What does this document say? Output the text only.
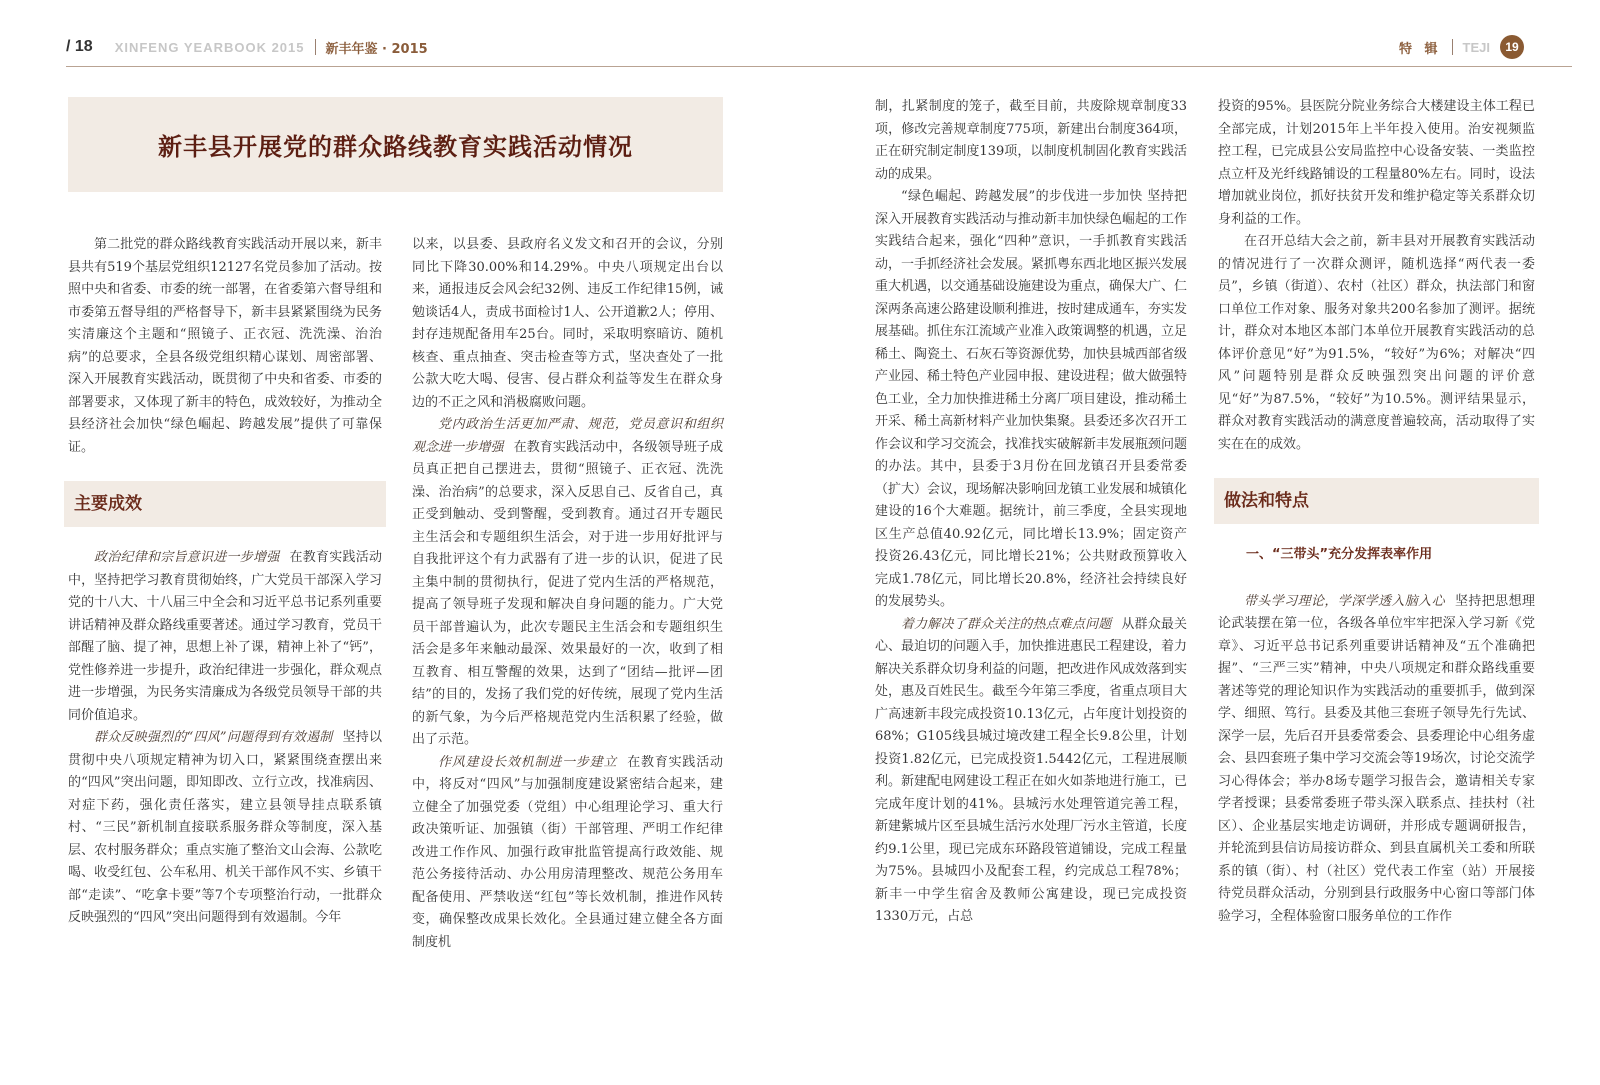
/ 18 XINFENG YEARBOOK 2015 新丰年鉴 · 2015	特 辑 TEJI	19
新丰县开展党的群众路线教育实践活动情况

第二批党的群众路线教育实践活动开展以来，新丰县共有519个基层党组织12127名党员参加了活动。按照中央和省委、市委的统一部署，在省委第六督导组和市委第五督导组的严格督导下，新丰县紧紧围绕为民务实清廉这个主题和“照镜子、正衣冠、洗洗澡、治治病”的总要求，全县各级党组织精心谋划、周密部署、深入开展教育实践活动，既贯彻了中央和省委、市委的部署要求，又体现了新丰的特色，成效较好，为推动全县经济社会加快“绿色崛起、跨越发展”提供了可靠保证。

主要成效

政治纪律和宗旨意识进一步增强 在教育实践活动中，坚持把学习教育贯彻始终，广大党员干部深入学习党的十八大、十八届三中全会和习近平总书记系列重要讲话精神及群众路线重要著述。通过学习教育，党员干部醒了脑、提了神，思想上补了课，精神上补了“钙”，党性修养进一步提升，政治纪律进一步强化，群众观点进一步增强，为民务实清廉成为各级党员领导干部的共同价值追求。

群众反映强烈的“四风”问题得到有效遏制 坚持以贯彻中央八项规定精神为切入口，紧紧围绕查摆出来的“四风”突出问题，即知即改、立行立改，找准病因、对症下药，强化责任落实，建立县领导挂点联系镇村、“三民”新机制直接联系服务群众等制度，深入基层、农村服务群众；重点实施了整治文山会海、公款吃喝、收受红包、公车私用、机关干部作风不实、乡镇干部“走读”、“吃拿卡要”等7个专项整治行动，一批群众反映强烈的“四风”突出问题得到有效遏制。今年

以来，以县委、县政府名义发文和召开的会议，分别同比下降30.00%和14.29%。中央八项规定出台以来，通报违反会风会纪32例、违反工作纪律15例，诫勉谈话4人，责成书面检讨1人、公开道歉2人；停用、封存违规配备用车25台。同时，采取明察暗访、随机核查、重点抽查、突击检查等方式，坚决查处了一批公款大吃大喝、侵害、侵占群众利益等发生在群众身边的不正之风和消极腐败问题。

党内政治生活更加严肃、规范，党员意识和组织观念进一步增强 在教育实践活动中，各级领导班子成员真正把自己摆进去，贯彻“照镜子、正衣冠、洗洗澡、治治病”的总要求，深入反思自己、反省自己，真正受到触动、受到警醒，受到教育。通过召开专题民主生活会和专题组织生活会，对于进一步用好批评与自我批评这个有力武器有了进一步的认识，促进了民主集中制的贯彻执行，促进了党内生活的严格规范，提高了领导班子发现和解决自身问题的能力。广大党员干部普遍认为，此次专题民主生活会和专题组织生活会是多年来触动最深、效果最好的一次，收到了相互教育、相互警醒的效果，达到了“团结—批评—团结”的目的，发扬了我们党的好传统，展现了党内生活的新气象，为今后严格规范党内生活积累了经验，做出了示范。

作风建设长效机制进一步建立 在教育实践活动中，将反对“四风”与加强制度建设紧密结合起来，建立健全了加强党委（党组）中心组理论学习、重大行政决策听证、加强镇（街）干部管理、严明工作纪律改进工作作风、加强行政审批监管提高行政效能、规范公务接待活动、办公用房清理整改、规范公务用车配备使用、严禁收送“红包”等长效机制，推进作风转变，确保整改成果长效化。全县通过建立健全各方面制度机

制，扎紧制度的笼子，截至目前，共废除规章制度33项，修改完善规章制度775项，新建出台制度364项，正在研究制定制度139项，以制度机制固化教育实践活动的成果。

“绿色崛起、跨越发展”的步伐进一步加快 坚持把深入开展教育实践活动与推动新丰加快绿色崛起的工作实践结合起来，强化“四种”意识，一手抓教育实践活动，一手抓经济社会发展。紧抓粤东西北地区振兴发展重大机遇，以交通基础设施建设为重点，确保大广、仁深两条高速公路建设顺利推进，按时建成通车，夯实发展基础。抓住东江流域产业准入政策调整的机遇，立足稀土、陶瓷土、石灰石等资源优势，加快县城西部省级产业园、稀土特色产业园申报、建设进程；做大做强特色工业，全力加快推进稀土分离厂项目建设，推动稀土开采、稀土高新材料产业加快集聚。县委还多次召开工作会议和学习交流会，找准找实破解新丰发展瓶颈问题的办法。其中，县委于3月份在回龙镇召开县委常委（扩大）会议，现场解决影响回龙镇工业发展和城镇化建设的16个大难题。据统计，前三季度，全县实现地区生产总值40.92亿元，同比增长13.9%；固定资产投资26.43亿元，同比增长21%；公共财政预算收入完成1.78亿元，同比增长20.8%，经济社会持续良好的发展势头。

着力解决了群众关注的热点难点问题 从群众最关心、最迫切的问题入手，加快推进惠民工程建设，着力解决关系群众切身利益的问题，把改进作风成效落到实处，惠及百姓民生。截至今年第三季度，省重点项目大广高速新丰段完成投资10.13亿元，占年度计划投资的68%；G105线县城过境改建工程全长9.8公里，计划投资1.82亿元，已完成投资1.5442亿元，工程进展顺利。新建配电网建设工程正在如火如荼地进行施工，已完成年度计划的41%。县城污水处理管道完善工程，新建紫城片区至县城生活污水处理厂污水主管道，长度约9.1公里，现已完成东环路段管道铺设，完成工程量为75%。县城四小及配套工程，约完成总工程78%；新丰一中学生宿舍及教师公寓建设，现已完成投资1330万元，占总

投资的95%。县医院分院业务综合大楼建设主体工程已全部完成，计划2015年上半年投入使用。治安视频监控工程，已完成县公安局监控中心设备安装、一类监控点立杆及光纤线路铺设的工程量80%左右。同时，设法增加就业岗位，抓好扶贫开发和维护稳定等关系群众切身利益的工作。

在召开总结大会之前，新丰县对开展教育实践活动的情况进行了一次群众测评，随机选择“两代表一委员”，乡镇（街道）、农村（社区）群众，执法部门和窗口单位工作对象、服务对象共200名参加了测评。据统计，群众对本地区本部门本单位开展教育实践活动的总体评价意见“好”为91.5%，“较好”为6%；对解决“四风”问题特别是群众反映强烈突出问题的评价意见“好”为87.5%，“较好”为10.5%。测评结果显示，群众对教育实践活动的满意度普遍较高，活动取得了实实在在的成效。

做法和特点
一、“三带头”充分发挥表率作用

带头学习理论，学深学透入脑入心 坚持把思想理论武装摆在第一位，各级各单位牢牢把深入学习新《党章》、习近平总书记系列重要讲话精神及“五个准确把握”、“三严三实”精神，中央八项规定和群众路线重要著述等党的理论知识作为实践活动的重要抓手，做到深学、细照、笃行。县委及其他三套班子领导先行先试、深学一层，先后召开县委常委会、县委理论中心组务虚会、县四套班子集中学习交流会等19场次，讨论交流学习心得体会；举办8场专题学习报告会，邀请相关专家学者授课；县委常委班子带头深入联系点、挂扶村（社区）、企业基层实地走访调研，并形成专题调研报告，并轮流到县信访局接访群众、到县直属机关工委和所联系的镇（街）、村（社区）党代表工作室（站）开展接待党员群众活动，分别到县行政服务中心窗口等部门体验学习，全程体验窗口服务单位的工作作
